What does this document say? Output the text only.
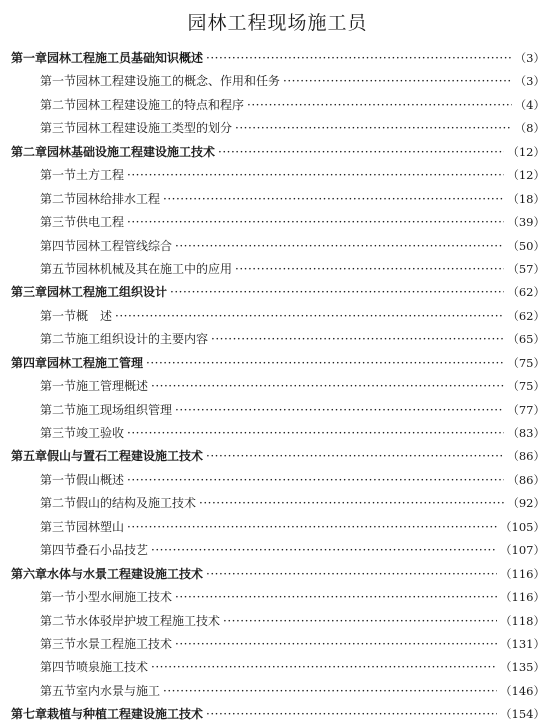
园林工程现场施工员
第一章 园林工程施工员基础知识概述 ·····	（3）
第一节 园林工程建设施工的概念、作用和任务 ·····	（3）
第二节 园林工程建设施工的特点和程序 ·····	（4）
第三节 园林工程建设施工类型的划分 ·····	（8）
第二章 园林基础设施工程建设施工技术 ·····	（12）
第一节 土方工程 ·····	（12）
第二节 园林给排水工程 ·····	（18）
第三节 供电工程 ·····	（39）
第四节 园林工程管线综合 ·····	（50）
第五节 园林机械及其在施工中的应用 ·····	（57）
第三章 园林工程施工组织设计 ·····	（62）
第一节 概　述 ·····	（62）
第二节 施工组织设计的主要内容 ·····	（65）
第四章 园林工程施工管理 ·····	（75）
第一节 施工管理概述 ·····	（75）
第二节 施工现场组织管理 ·····	（77）
第三节 竣工验收 ·····	（83）
第五章 假山与置石工程建设施工技术 ·····	（86）
第一节 假山概述 ·····	（86）
第二节 假山的结构及施工技术 ·····	（92）
第三节 园林塑山 ·····	（105）
第四节 叠石小品技艺 ·····	（107）
第六章 水体与水景工程建设施工技术 ·····	（116）
第一节 小型水闸施工技术 ·····	（116）
第二节 水体驳岸护坡工程施工技术 ·····	（118）
第三节 水景工程施工技术 ·····	（131）
第四节 喷泉施工技术 ·····	（135）
第五节 室内水景与施工 ·····	（146）
第七章 栽植与种植工程建设施工技术 ·····	（154）
